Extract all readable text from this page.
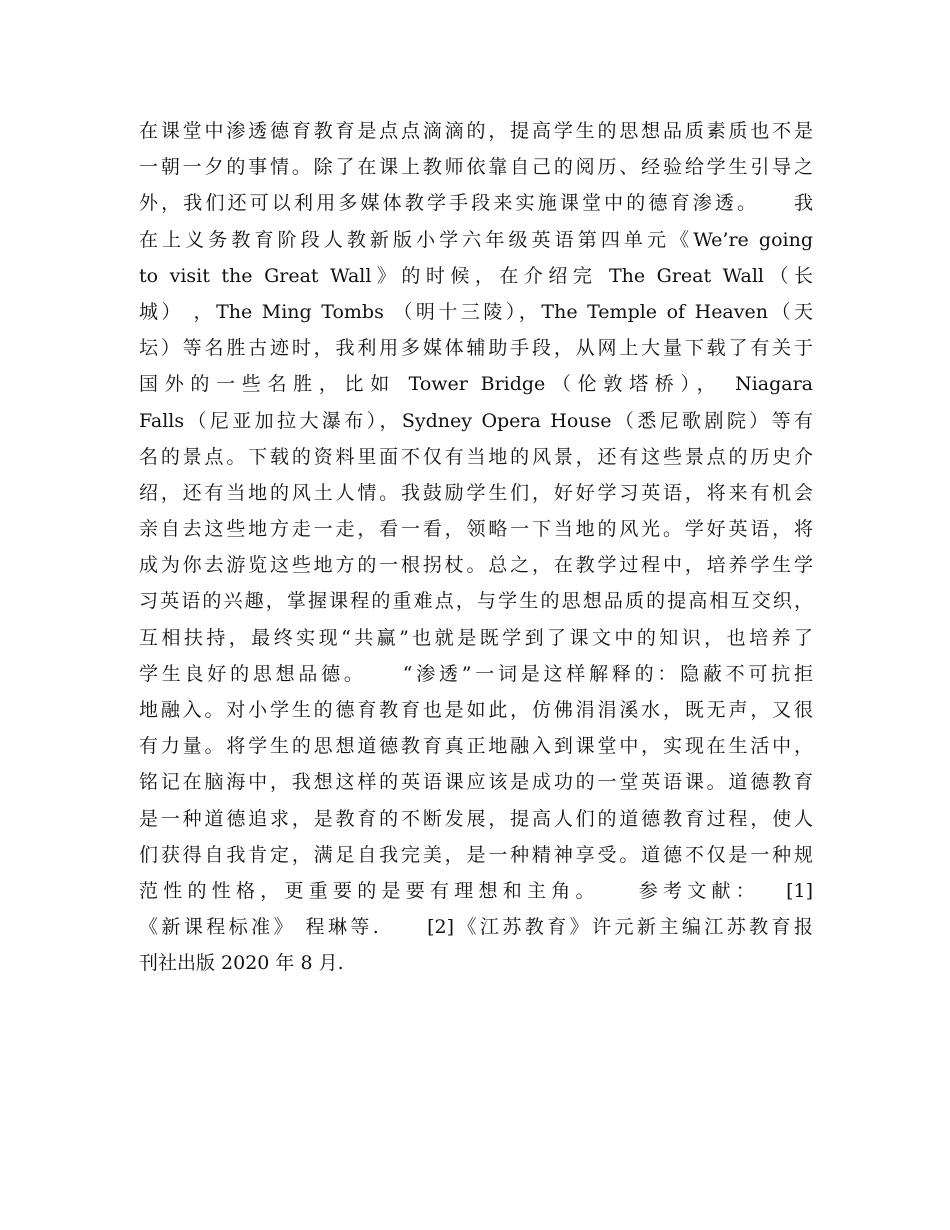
在课堂中渗透德育教育是点点滴滴的，提高学生的思想品质素质也不是
一朝一夕的事情。除了在课上教师依靠自己的阅历、经验给学生引导之
外，我们还可以利用多媒体教学手段来实施课堂中的德育渗透。　　我
在上义务教育阶段人教新版小学六年级英语第四单元《We’re going
to visit the Great Wall》的时候，在介绍完 The Great Wall（长
城） ，The Ming Tombs （明十三陵），The Temple of Heaven（天
坛）等名胜古迹时，我利用多媒体辅助手段，从网上大量下载了有关于
国外的一些名胜，比如 Tower Bridge（伦敦塔桥）， Niagara
Falls（尼亚加拉大瀑布），Sydney Opera House（悉尼歌剧院）等有
名的景点。下载的资料里面不仅有当地的风景，还有这些景点的历史介
绍，还有当地的风土人情。我鼓励学生们，好好学习英语，将来有机会
亲自去这些地方走一走，看一看，领略一下当地的风光。学好英语，将
成为你去游览这些地方的一根拐杖。总之，在教学过程中，培养学生学
习英语的兴趣，掌握课程的重难点，与学生的思想品质的提高相互交织，
互相扶持，最终实现“共赢”也就是既学到了课文中的知识，也培养了
学生良好的思想品德。　　“渗透”一词是这样解释的：隐蔽不可抗拒
地融入。对小学生的德育教育也是如此，仿佛涓涓溪水，既无声，又很
有力量。将学生的思想道德教育真正地融入到课堂中，实现在生活中，
铭记在脑海中，我想这样的英语课应该是成功的一堂英语课。道德教育
是一种道德追求，是教育的不断发展，提高人们的道德教育过程，使人
们获得自我肯定，满足自我完美，是一种精神享受。道德不仅是一种规
范性的性格，更重要的是要有理想和主角。　　参考文献：　 [1]
《新课程标准》 程琳等.　　[2]《江苏教育》许元新主编江苏教育报
刊社出版 2020 年 8 月.
